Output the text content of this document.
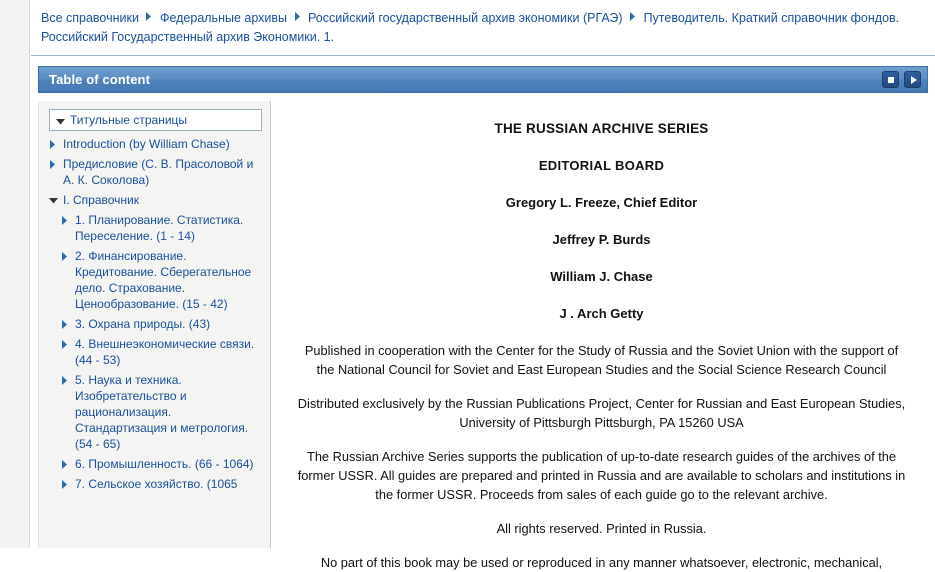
Все справочники Федеральные архивы Российский государственный архив экономики (РГАЭ) Путеводитель. Краткий справочник фондов. Российский Государственный архив Экономики. 1.
Table of content
Титульные страницы
Introduction (by William Chase)
Предисловие (С. В. Прасоловой и А. К. Соколова)
I. Справочник
1. Планирование. Статистика. Переселение. (1 - 14)
2. Финансирование. Кредитование. Сберегательное дело. Страхование. Ценообразование. (15 - 42)
3. Охрана природы. (43)
4. Внешнеэкономические связи. (44 - 53)
5. Наука и техника. Изобретательство и рационализация. Стандартизация и метрология. (54 - 65)
6. Промышленность. (66 - 1064)
7. Сельское хозяйство. (1065
THE RUSSIAN ARCHIVE SERIES
EDITORIAL BOARD
Gregory L. Freeze, Chief Editor
Jeffrey P. Burds
William J. Chase
J . Arch Getty

Published in cooperation with the Center for the Study of Russia and the Soviet Union with the support of the National Council for Soviet and East European Studies and the Social Science Research Council

Distributed exclusively by the Russian Publications Project, Center for Russian and East European Studies, University of Pittsburgh Pittsburgh, PA 15260 USA

The Russian Archive Series supports the publication of up-to-date research guides of the archives of the former USSR. All guides are prepared and printed in Russia and are available to scholars and institutions in the former USSR. Proceeds from sales of each guide go to the relevant archive.

All rights reserved. Printed in Russia.

No part of this book may be used or reproduced in any manner whatsoever, electronic, mechanical,
